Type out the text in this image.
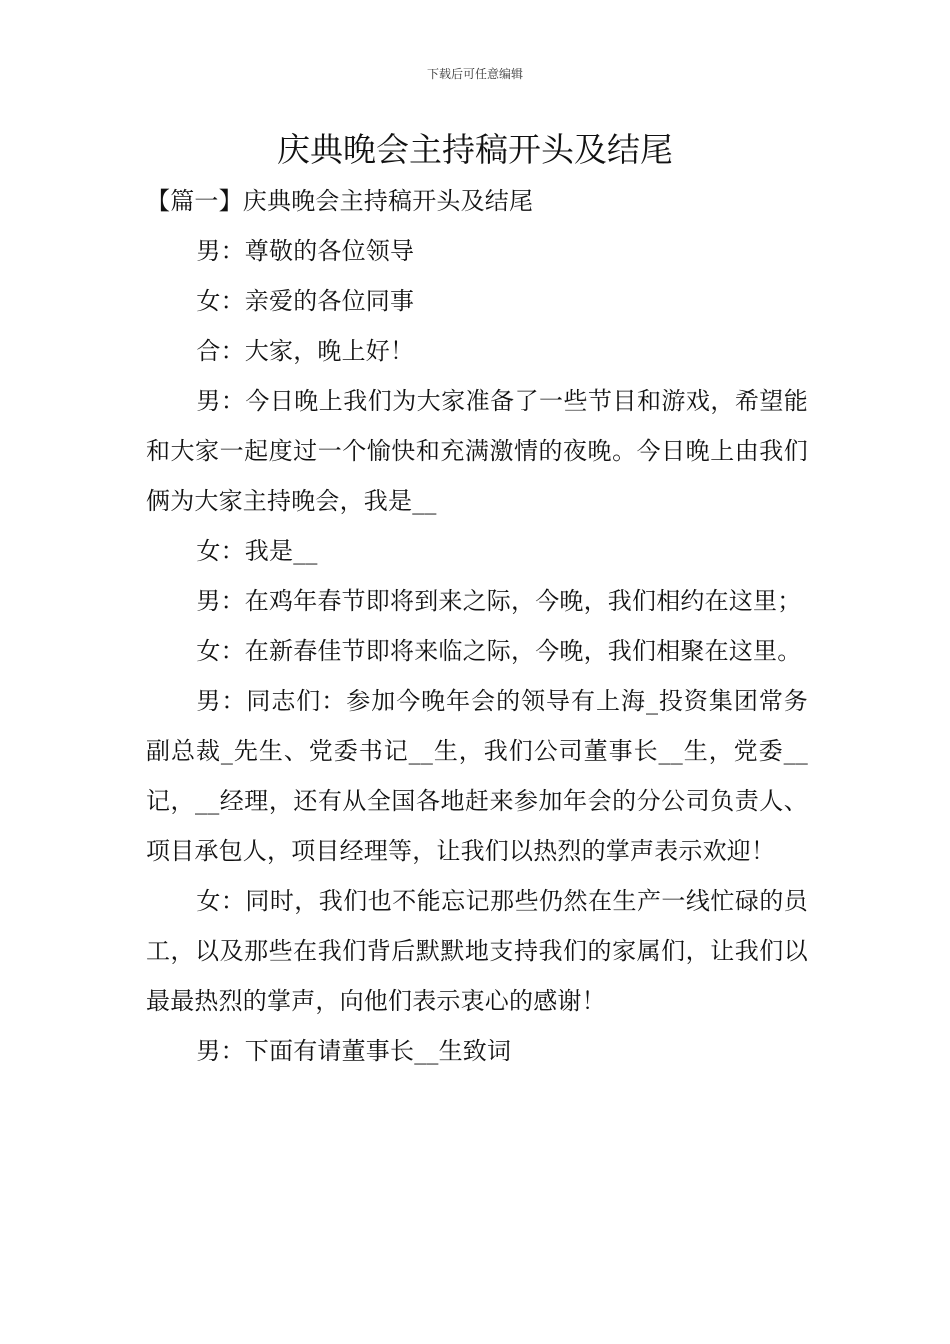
下载后可任意编辑
庆典晚会主持稿开头及结尾

【篇一】庆典晚会主持稿开头及结尾

男：尊敬的各位领导

女：亲爱的各位同事

合：大家，晚上好！

男：今日晚上我们为大家准备了一些节目和游戏，希望能和大家一起度过一个愉快和充满激情的夜晚。今日晚上由我们俩为大家主持晚会，我是__

女：我是__

男：在鸡年春节即将到来之际，今晚，我们相约在这里；

女：在新春佳节即将来临之际，今晚，我们相聚在这里。

男：同志们：参加今晚年会的领导有上海_投资集团常务副总裁_先生、党委书记__生，我们公司董事长__生，党委__记，__经理，还有从全国各地赶来参加年会的分公司负责人、项目承包人，项目经理等，让我们以热烈的掌声表示欢迎！

女：同时，我们也不能忘记那些仍然在生产一线忙碌的员工，以及那些在我们背后默默地支持我们的家属们，让我们以最最热烈的掌声，向他们表示衷心的感谢！

男：下面有请董事长__生致词
